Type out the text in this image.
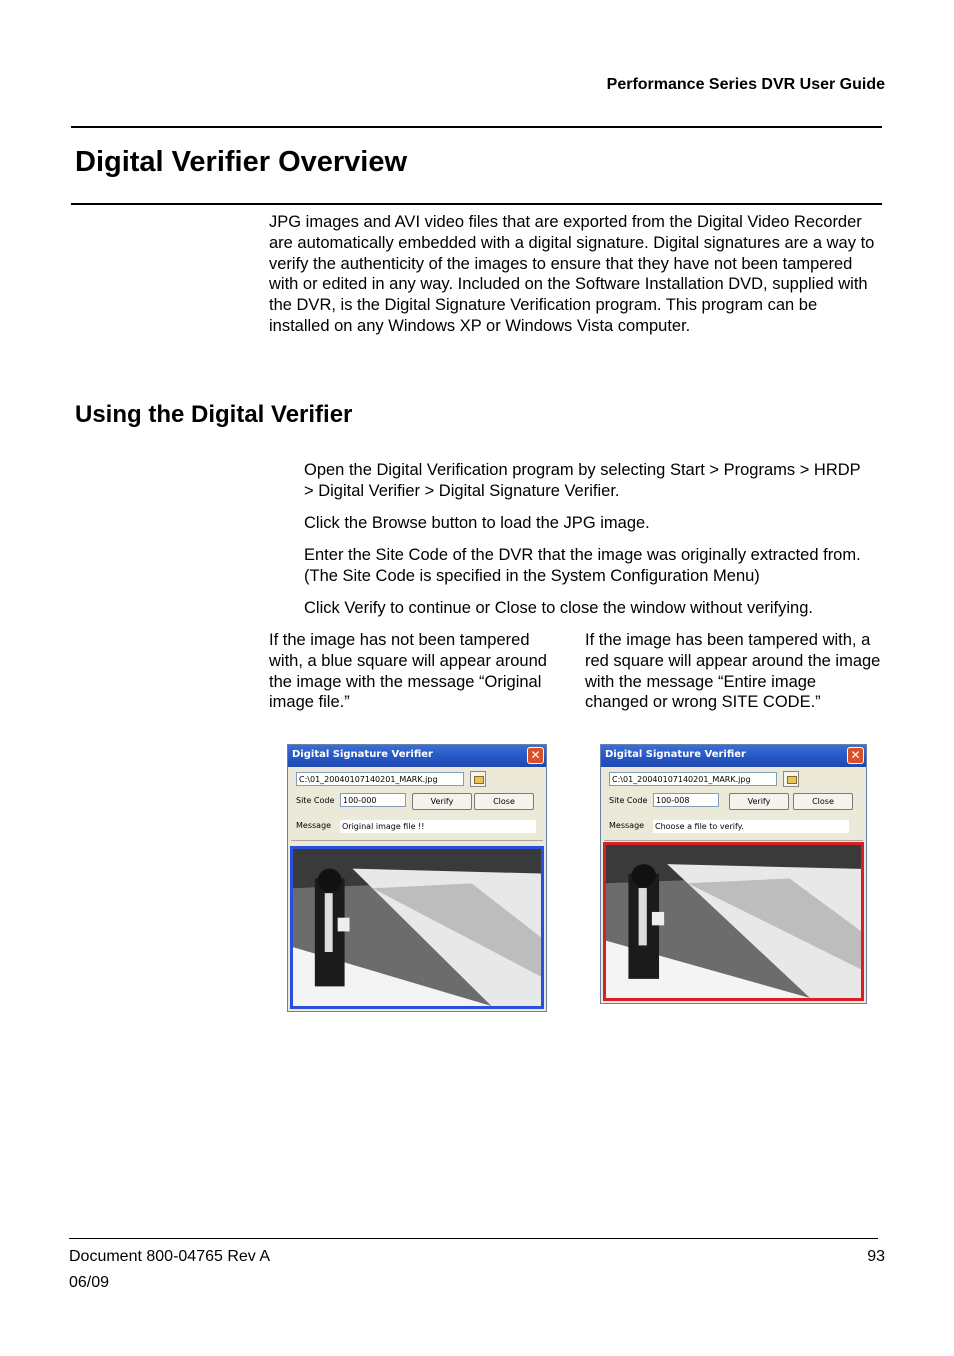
Performance Series DVR User Guide
Digital Verifier Overview
JPG images and AVI video files that are exported from the Digital Video Recorder are automatically embedded with a digital signature. Digital signatures are a way to verify the authenticity of the images to ensure that they have not been tampered with or edited in any way. Included on the Software Installation DVD, supplied with the DVR, is the Digital Signature Verification program. This program can be installed on any Windows XP or Windows Vista computer.
Using the Digital Verifier
Open the Digital Verification program by selecting Start > Programs > HRDP > Digital Verifier > Digital Signature Verifier.
Click the Browse button to load the JPG image.
Enter the Site Code of the DVR that the image was originally extracted from. (The Site Code is specified in the System Configuration Menu)
Click Verify to continue or Close to close the window without verifying.
If the image has not been tampered with, a blue square will appear around the image with the message “Original image file.”
If the image has been tampered with, a red square will appear around the image with the message “Entire image changed or wrong SITE CODE.”
Digital Signature Verifier	✕
C:\01_20040107140201_MARK.jpg
Site Code	100-000	Verify	Close
Message Original image file !!
Digital Signature Verifier	✕
C:\01_20040107140201_MARK.jpg
Site Code	100-008	Verify	Close
Message Choose a file to verify.
Document 800-04765 Rev A
06/09
93
